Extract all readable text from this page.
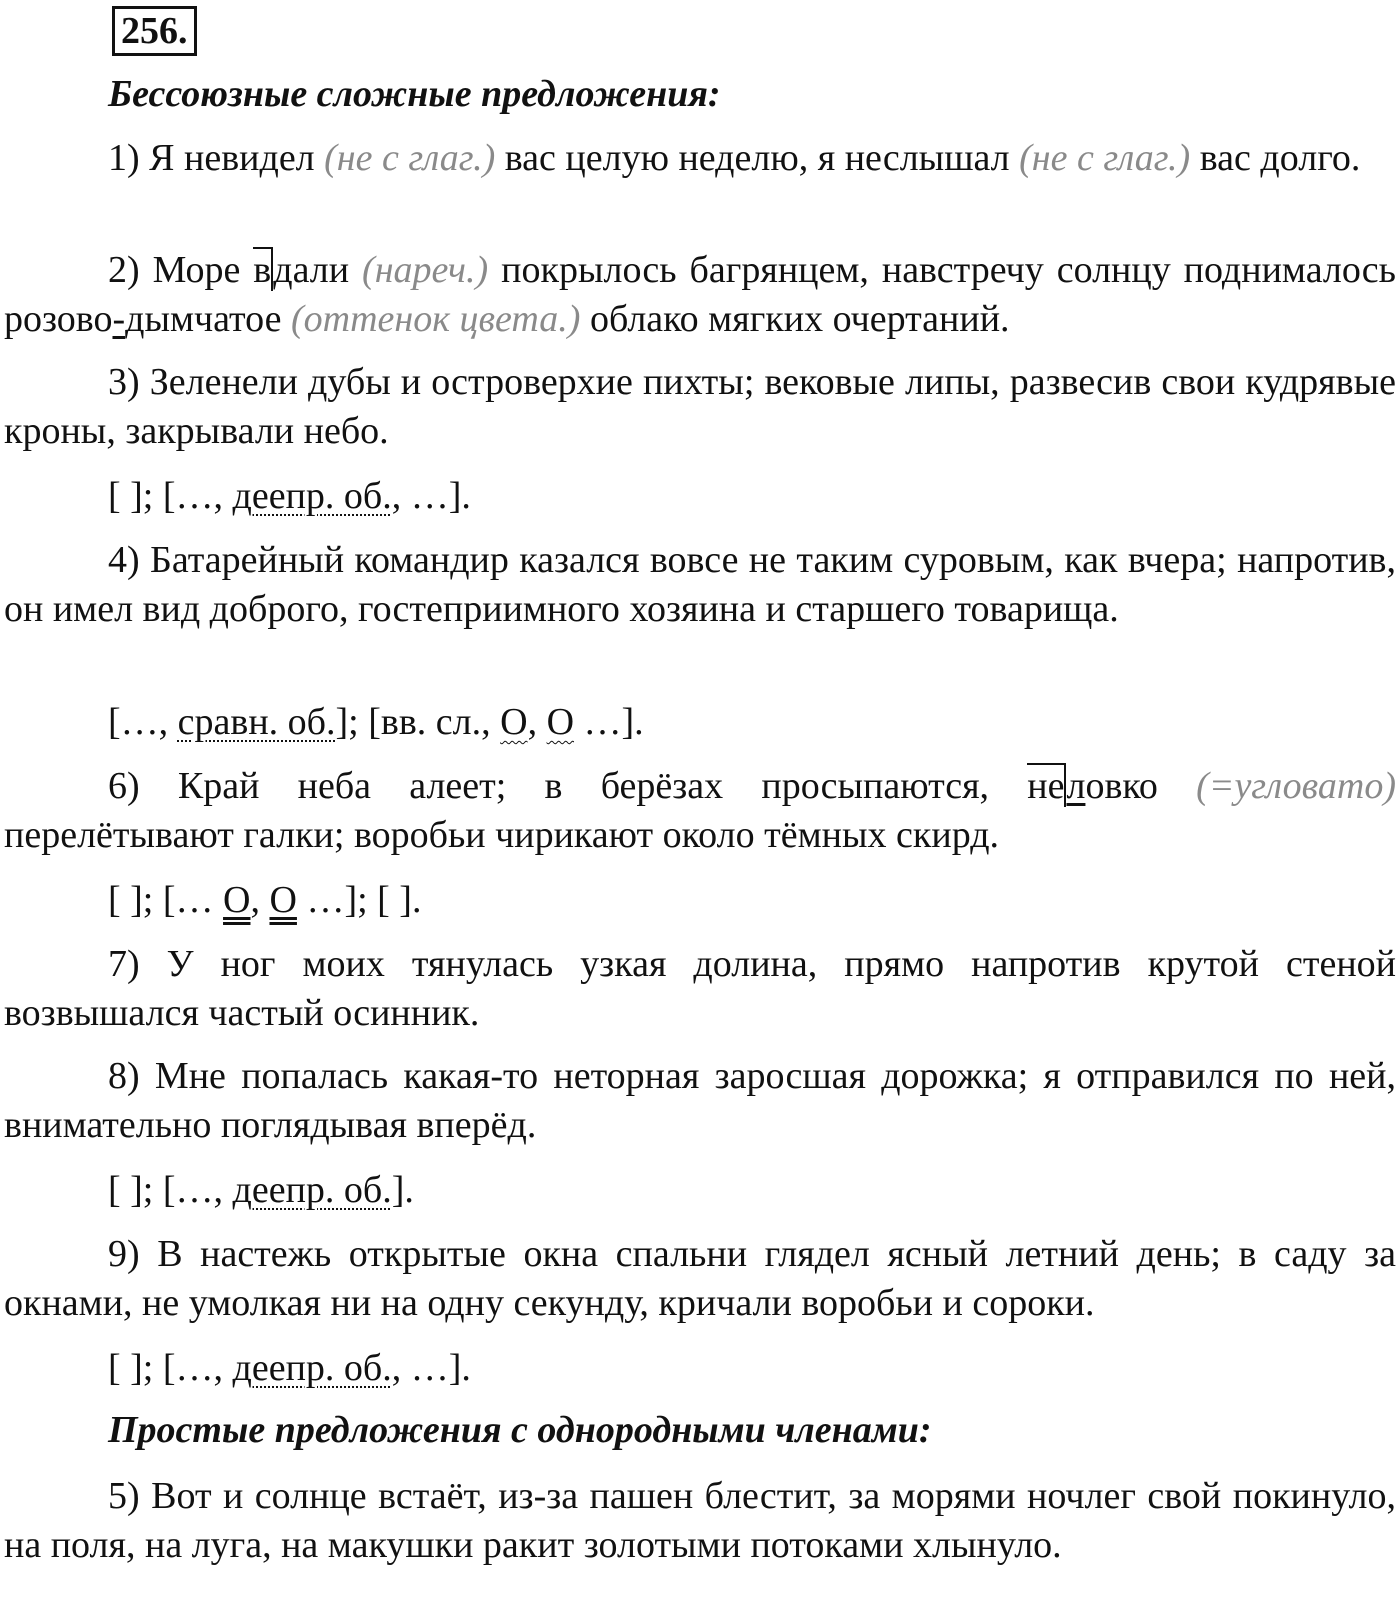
256.

Бессоюзные сложные предложения:

1) Я невидел (не с глаг.) вас целую неделю, я неслышал (не с глаг.) вас долго.

2) Море вдали (нареч.) покрылось багрянцем, навстречу солнцу поднималось розово-дымчатое (оттенок цвета.) облако мягких очертаний.

3) Зеленели дубы и островерхие пихты; вековые липы, развесив свои кудрявые кроны, закрывали небо.

[ ]; […, деепр. об., …].

4) Батарейный командир казался вовсе не таким суровым, как вчера; напротив, он имел вид доброго, гостеприимного хозяина и старшего товарища.

[…, сравн. об.]; [вв. сл., О, О …].

6) Край неба алеет; в берёзах просыпаются, неловко (=угловато) перелётывают галки; воробьи чирикают около тёмных скирд.

[ ]; [… О, О …]; [ ].

7) У ног моих тянулась узкая долина, прямо напротив крутой стеной возвышался частый осинник.

8) Мне попалась какая-то неторная заросшая дорожка; я отправился по ней, внимательно поглядывая вперёд.

[ ]; […, деепр. об.].

9) В настежь открытые окна спальни глядел ясный летний день; в саду за окнами, не умолкая ни на одну секунду, кричали воробьи и сороки.

[ ]; […, деепр. об., …].

Простые предложения с однородными членами:

5) Вот и солнце встаёт, из-за пашен блестит, за морями ночлег свой покинуло, на поля, на луга, на макушки ракит золотыми потоками хлынуло.
